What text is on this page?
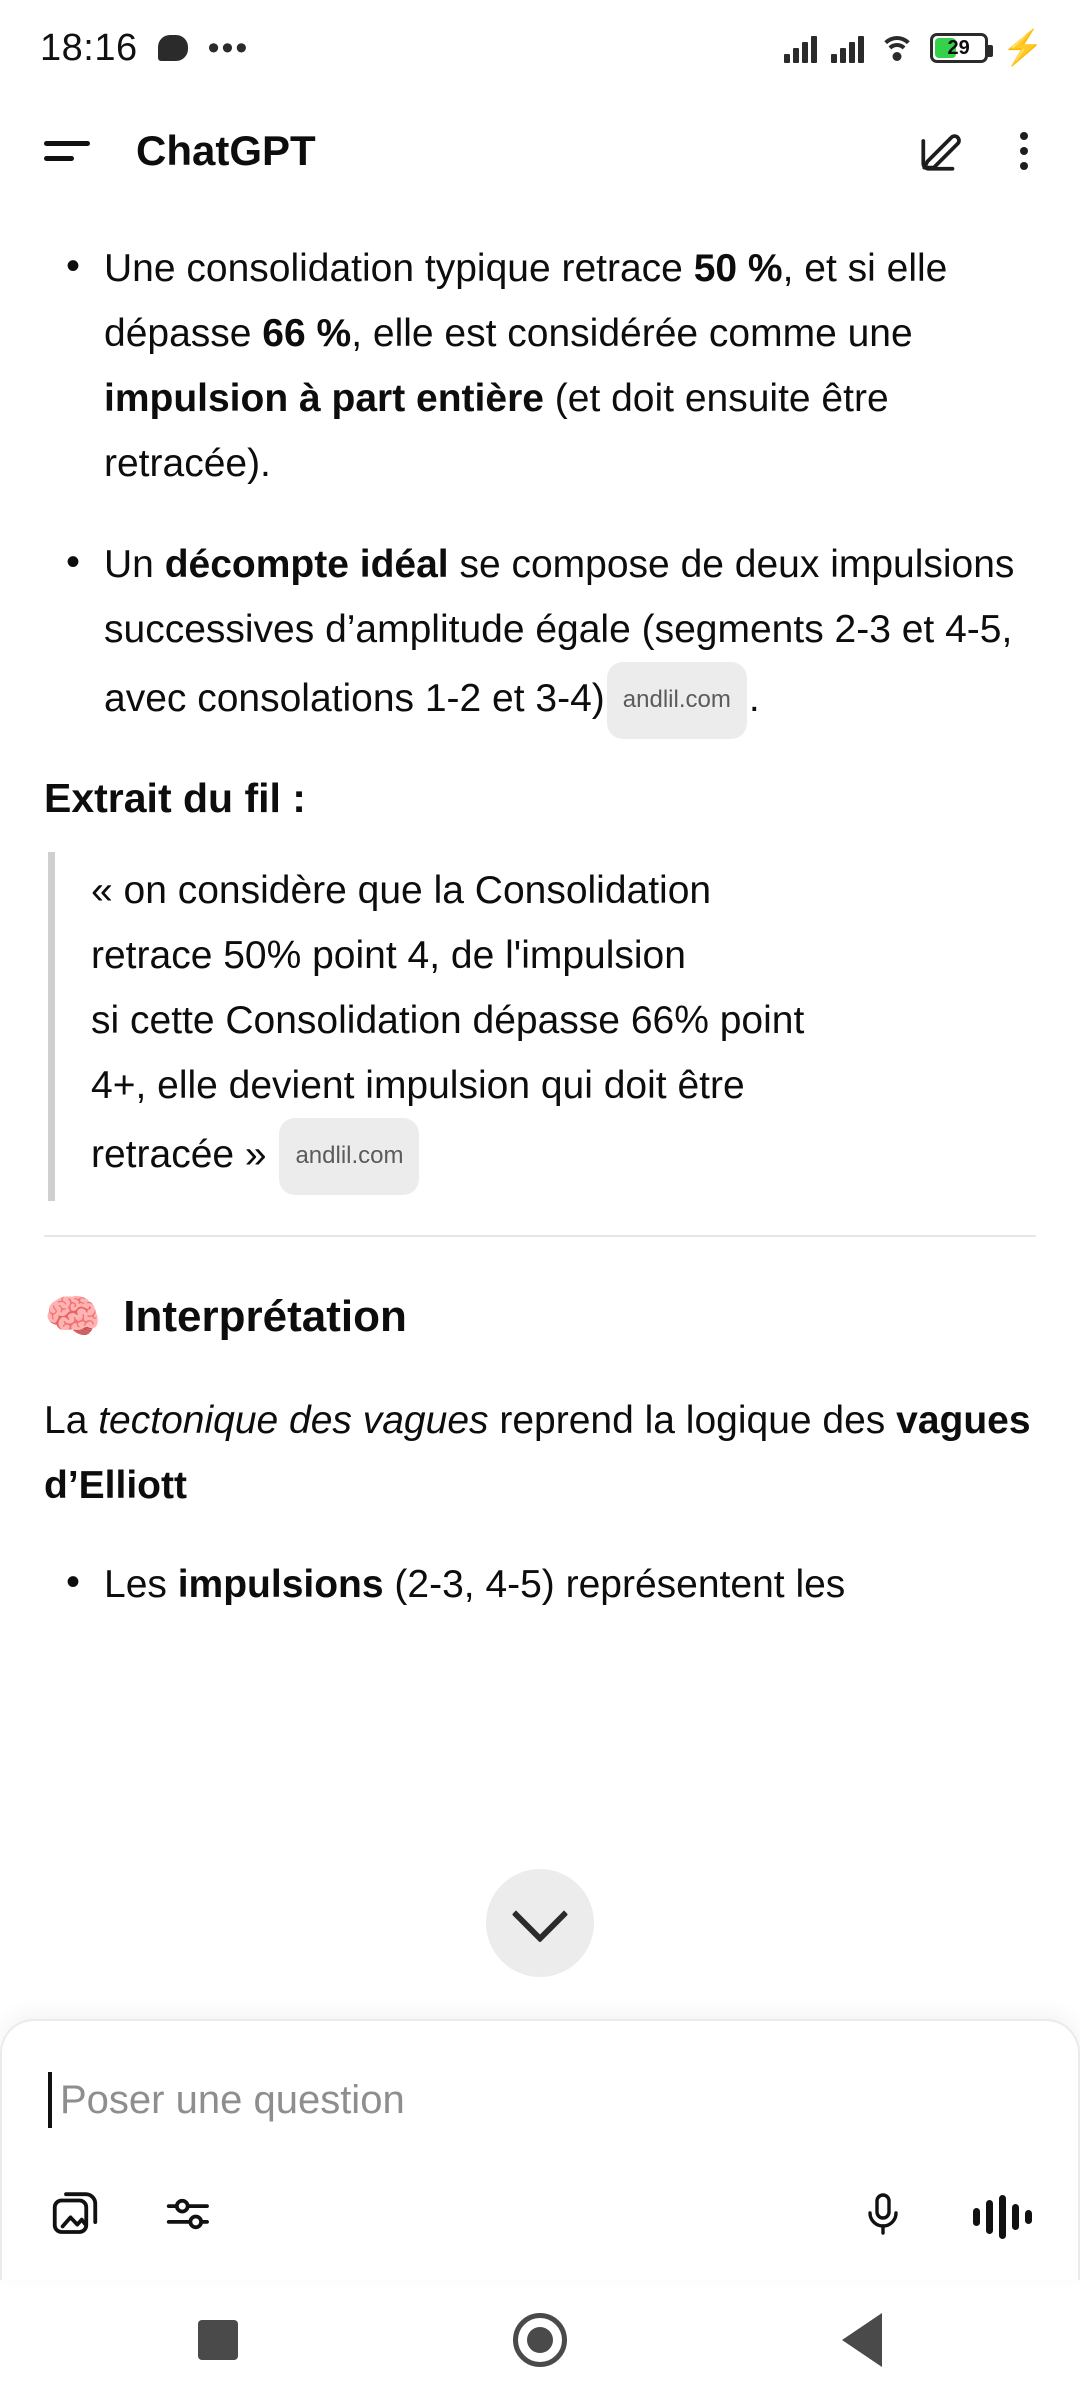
18:16 •••	29 ⚡
ChatGPT
• Une consolidation typique retrace 50 %, et si elle dépasse 66 %, elle est considérée comme une impulsion à part entière (et doit ensuite être retracée).
• Un décompte idéal se compose de deux impulsions successives d’amplitude égale (segments 2-3 et 4-5, avec consolations 1-2 et 3-4) andlil.com .
Extrait du fil :

« on considère que la Consolidation
retrace 50% point 4, de l'impulsion
si cette Consolidation dépasse 66% point
4+, elle devient impulsion qui doit être
retracée » andlil.com

🧠 Interprétation
La tectonique des vagues reprend la logique des vagues d’Elliott
• Les impulsions (2-3, 4-5) représentent les
Poser une question
